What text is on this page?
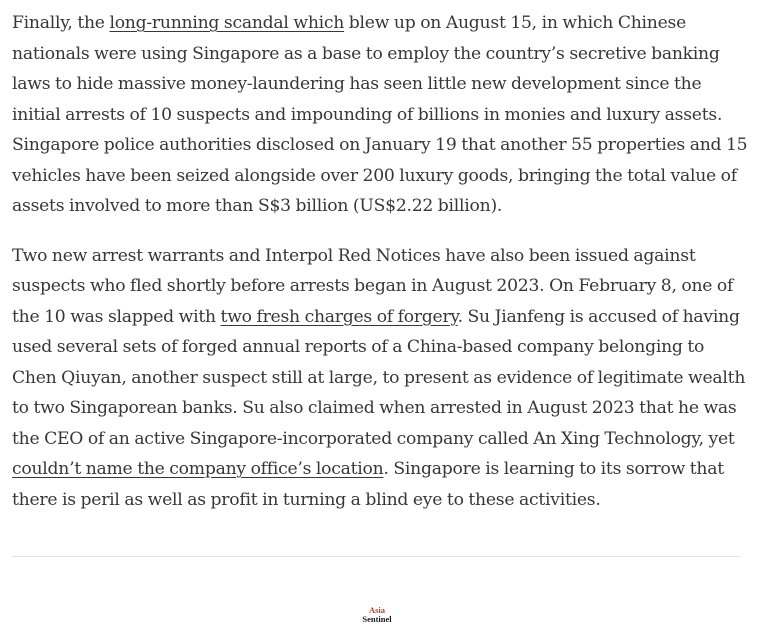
Finally, the long-running scandal which blew up on August 15, in which Chinese nationals were using Singapore as a base to employ the country’s secretive banking laws to hide massive money-laundering has seen little new development since the initial arrests of 10 suspects and impounding of billions in monies and luxury assets. Singapore police authorities disclosed on January 19 that another 55 properties and 15 vehicles have been seized alongside over 200 luxury goods, bringing the total value of assets involved to more than S$3 billion (US$2.22 billion).

Two new arrest warrants and Interpol Red Notices have also been issued against suspects who fled shortly before arrests began in August 2023. On February 8, one of the 10 was slapped with two fresh charges of forgery. Su Jianfeng is accused of having used several sets of forged annual reports of a China-based company belonging to Chen Qiuyan, another suspect still at large, to present as evidence of legitimate wealth to two Singaporean banks. Su also claimed when arrested in August 2023 that he was the CEO of an active Singapore-incorporated company called An Xing Technology, yet couldn’t name the company office’s location. Singapore is learning to its sorrow that there is peril as well as profit in turning a blind eye to these activities.

Asia
Sentinel
